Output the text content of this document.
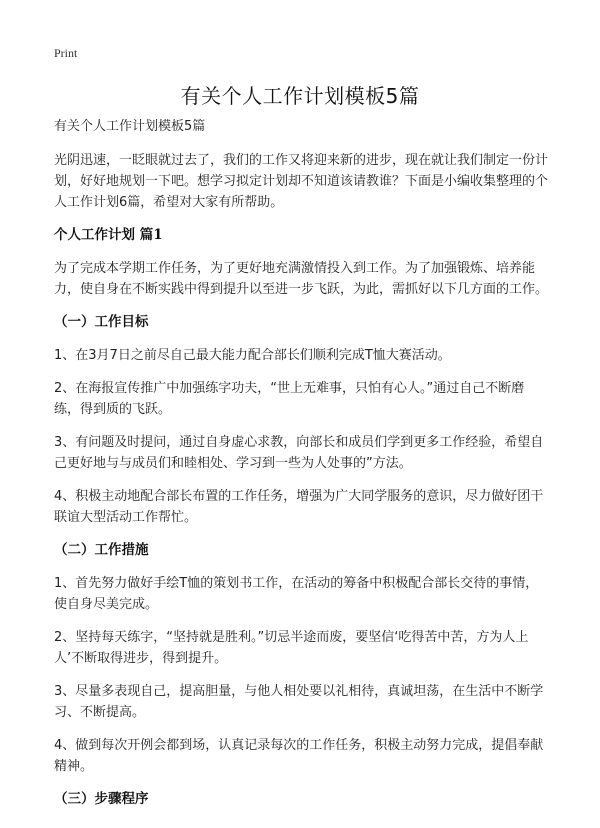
Print
有关个人工作计划模板5篇

有关个人工作计划模板5篇

光阴迅速，一眨眼就过去了，我们的工作又将迎来新的进步，现在就让我们制定一份计划，好好地规划一下吧。想学习拟定计划却不知道该请教谁？下面是小编收集整理的个人工作计划6篇，希望对大家有所帮助。

个人工作计划 篇1

为了完成本学期工作任务，为了更好地充满激情投入到工作。为了加强锻炼、培养能力，使自身在不断实践中得到提升以至进一步飞跃，为此，需抓好以下几方面的工作。

（一）工作目标

1、在3月7日之前尽自己最大能力配合部长们顺利完成T恤大赛活动。

2、在海报宣传推广中加强练字功夫，“世上无难事，只怕有心人。”通过自己不断磨练，得到质的飞跃。

3、有问题及时提问，通过自身虚心求教，向部长和成员们学到更多工作经验，希望自己更好地与与成员们和睦相处、学习到一些为人处事的”方法。

4、积极主动地配合部长布置的工作任务，增强为广大同学服务的意识，尽力做好团干联谊大型活动工作帮忙。

（二）工作措施

1、首先努力做好手绘T恤的策划书工作，在活动的筹备中积极配合部长交待的事情，使自身尽美完成。

2、坚持每天练字，“坚持就是胜利。”切忌半途而废，要坚信‘吃得苦中苦，方为人上人’不断取得进步，得到提升。

3、尽量多表现自己，提高胆量，与他人相处要以礼相待，真诚坦荡，在生活中不断学习、不断提高。

4、做到每次开例会都到场，认真记录每次的工作任务，积极主动努力完成，提倡奉献精神。

（三）步骤程序
